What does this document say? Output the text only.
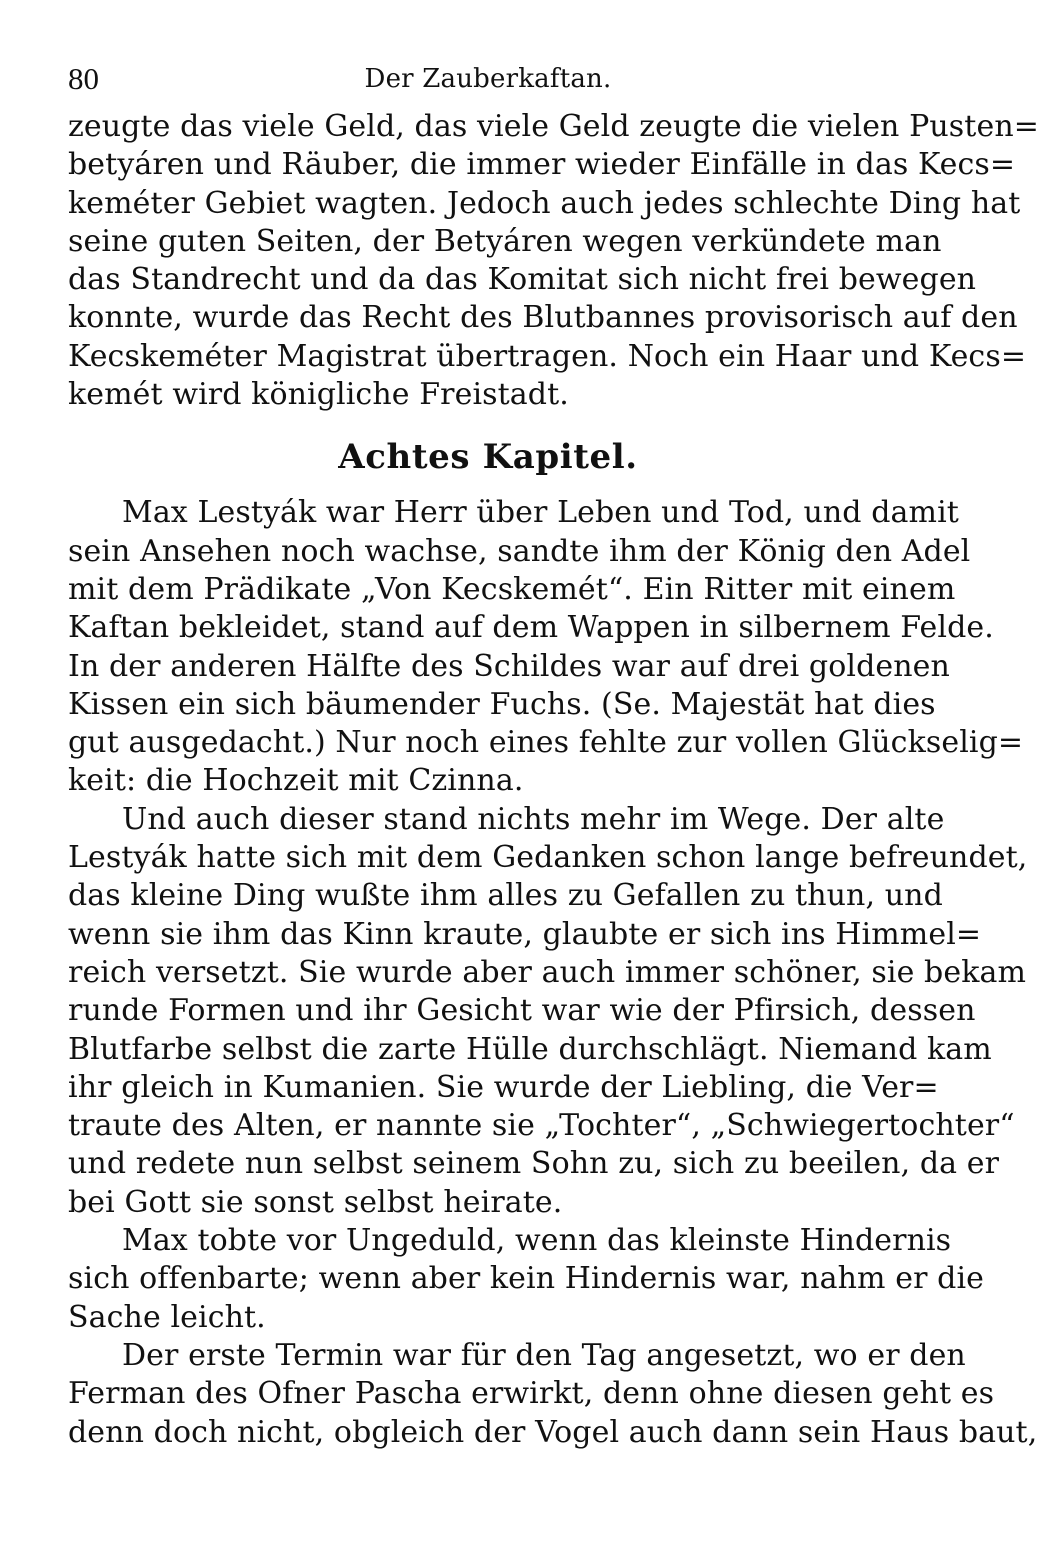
80	Der Zauberkaftan.
zeugte das viele Geld, das viele Geld zeugte die vielen Pusten=
betyáren und Räuber, die immer wieder Einfälle in das Kecs=
keméter Gebiet wagten. Jedoch auch jedes schlechte Ding hat
seine guten Seiten, der Betyáren wegen verkündete man
das Standrecht und da das Komitat sich nicht frei bewegen
konnte, wurde das Recht des Blutbannes provisorisch auf den
Kecskeméter Magistrat übertragen. Noch ein Haar und Kecs=
kemét wird königliche Freistadt.
Achtes Kapitel.
Max Lestyák war Herr über Leben und Tod, und damit
sein Ansehen noch wachse, sandte ihm der König den Adel
mit dem Prädikate „Von Kecskemét“. Ein Ritter mit einem
Kaftan bekleidet, stand auf dem Wappen in silbernem Felde.
In der anderen Hälfte des Schildes war auf drei goldenen
Kissen ein sich bäumender Fuchs. (Se. Majestät hat dies
gut ausgedacht.) Nur noch eines fehlte zur vollen Glückselig=
keit: die Hochzeit mit Czinna.
Und auch dieser stand nichts mehr im Wege. Der alte
Lestyák hatte sich mit dem Gedanken schon lange befreundet,
das kleine Ding wußte ihm alles zu Gefallen zu thun, und
wenn sie ihm das Kinn kraute, glaubte er sich ins Himmel=
reich versetzt. Sie wurde aber auch immer schöner, sie bekam
runde Formen und ihr Gesicht war wie der Pfirsich, dessen
Blutfarbe selbst die zarte Hülle durchschlägt. Niemand kam
ihr gleich in Kumanien. Sie wurde der Liebling, die Ver=
traute des Alten, er nannte sie „Tochter“, „Schwiegertochter“
und redete nun selbst seinem Sohn zu, sich zu beeilen, da er
bei Gott sie sonst selbst heirate.
Max tobte vor Ungeduld, wenn das kleinste Hindernis
sich offenbarte; wenn aber kein Hindernis war, nahm er die
Sache leicht.
Der erste Termin war für den Tag angesetzt, wo er den
Ferman des Ofner Pascha erwirkt, denn ohne diesen geht es
denn doch nicht, obgleich der Vogel auch dann sein Haus baut,
